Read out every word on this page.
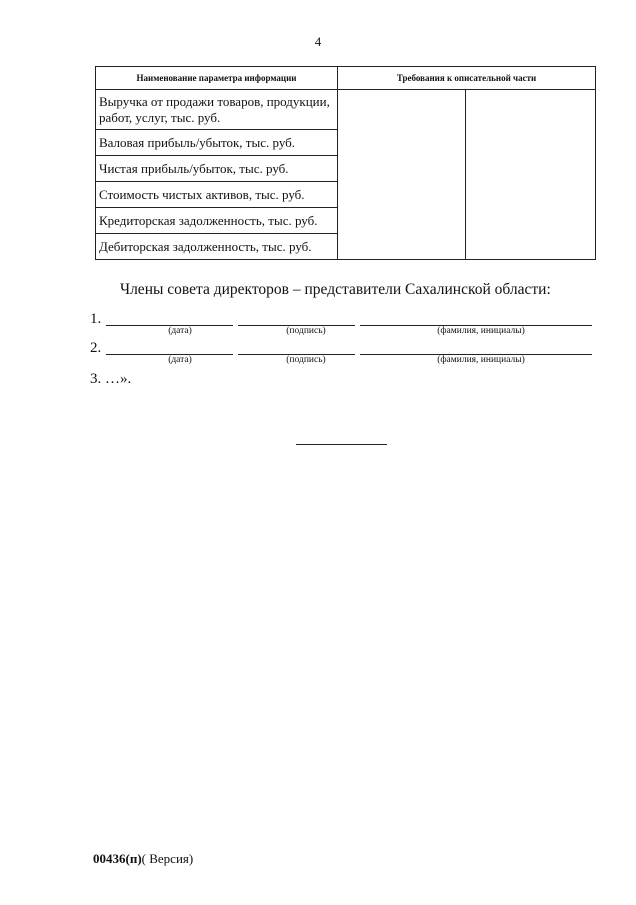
4
Наименование параметра информации	Требования к описательной части	
Выручка от продажи товаров, продукции, работ, услуг, тыс. руб.		
Валовая прибыль/убыток, тыс. руб.		
Чистая прибыль/убыток, тыс. руб.		
Стоимость чистых активов, тыс. руб.		
Кредиторская задолженность, тыс. руб.		
Дебиторская задолженность, тыс. руб.		
Члены совета директоров – представители Сахалинской области:
1.
(дата)	(подпись)	(фамилия, инициалы)
2.
(дата)	(подпись)	(фамилия, инициалы)
3. …».
00436(п)( Версия)
